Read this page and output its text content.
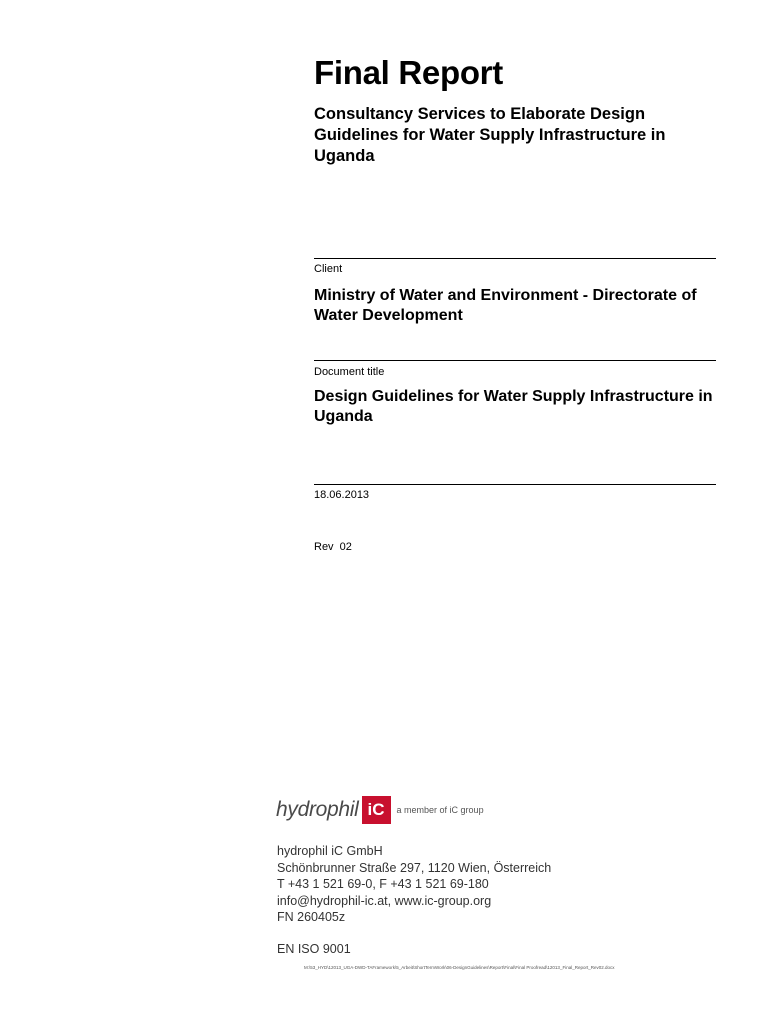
Final Report
Consultancy Services to Elaborate Design Guidelines for Water Supply Infrastructure in Uganda
Client
Ministry of Water and Environment - Directorate of Water Development
Document title
Design Guidelines for Water Supply Infrastructure in Uganda
18.06.2013
Rev  02
hydrophil iC	a member of iC group
hydrophil iC GmbH
Schönbrunner Straße 297, 1120 Wien, Österreich
T +43 1 521 69-0, F +43 1 521 69-180
info@hydrophil-ic.at, www.ic-group.org
FN 260405z
EN ISO 9001
M:\53_HYD\12013_UGA-DWD-TAFramework\5_Arbeit\ShortTermWork\06-DesignGuidelines\Report\Final\Final Proofread\12013_Final_Report_Rev02.docx
